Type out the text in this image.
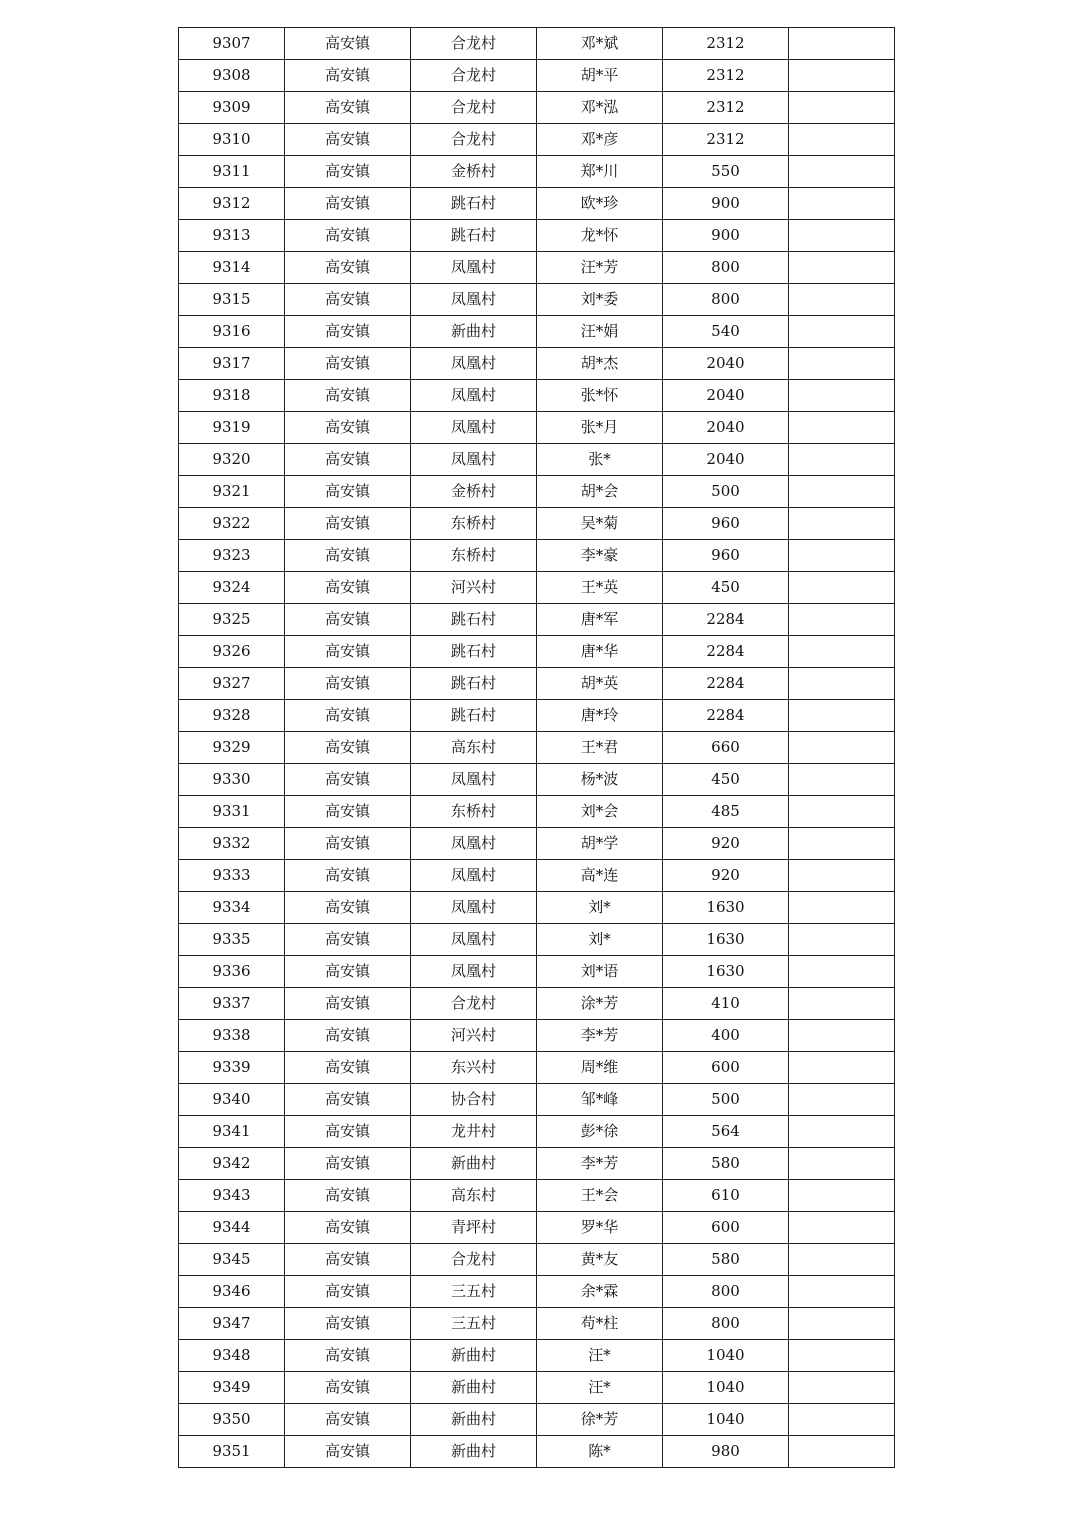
9307	高安镇	合龙村	邓*斌	2312	
9308	高安镇	合龙村	胡*平	2312	
9309	高安镇	合龙村	邓*泓	2312	
9310	高安镇	合龙村	邓*彦	2312	
9311	高安镇	金桥村	郑*川	550	
9312	高安镇	跳石村	欧*珍	900	
9313	高安镇	跳石村	龙*怀	900	
9314	高安镇	凤凰村	汪*芳	800	
9315	高安镇	凤凰村	刘*委	800	
9316	高安镇	新曲村	汪*娟	540	
9317	高安镇	凤凰村	胡*杰	2040	
9318	高安镇	凤凰村	张*怀	2040	
9319	高安镇	凤凰村	张*月	2040	
9320	高安镇	凤凰村	张*	2040	
9321	高安镇	金桥村	胡*会	500	
9322	高安镇	东桥村	吴*菊	960	
9323	高安镇	东桥村	李*豪	960	
9324	高安镇	河兴村	王*英	450	
9325	高安镇	跳石村	唐*军	2284	
9326	高安镇	跳石村	唐*华	2284	
9327	高安镇	跳石村	胡*英	2284	
9328	高安镇	跳石村	唐*玲	2284	
9329	高安镇	高东村	王*君	660	
9330	高安镇	凤凰村	杨*波	450	
9331	高安镇	东桥村	刘*会	485	
9332	高安镇	凤凰村	胡*学	920	
9333	高安镇	凤凰村	高*连	920	
9334	高安镇	凤凰村	刘*	1630	
9335	高安镇	凤凰村	刘*	1630	
9336	高安镇	凤凰村	刘*语	1630	
9337	高安镇	合龙村	涂*芳	410	
9338	高安镇	河兴村	李*芳	400	
9339	高安镇	东兴村	周*维	600	
9340	高安镇	协合村	邹*峰	500	
9341	高安镇	龙井村	彭*徐	564	
9342	高安镇	新曲村	李*芳	580	
9343	高安镇	高东村	王*会	610	
9344	高安镇	青坪村	罗*华	600	
9345	高安镇	合龙村	黄*友	580	
9346	高安镇	三五村	余*霖	800	
9347	高安镇	三五村	苟*柱	800	
9348	高安镇	新曲村	汪*	1040	
9349	高安镇	新曲村	汪*	1040	
9350	高安镇	新曲村	徐*芳	1040	
9351	高安镇	新曲村	陈*	980	
